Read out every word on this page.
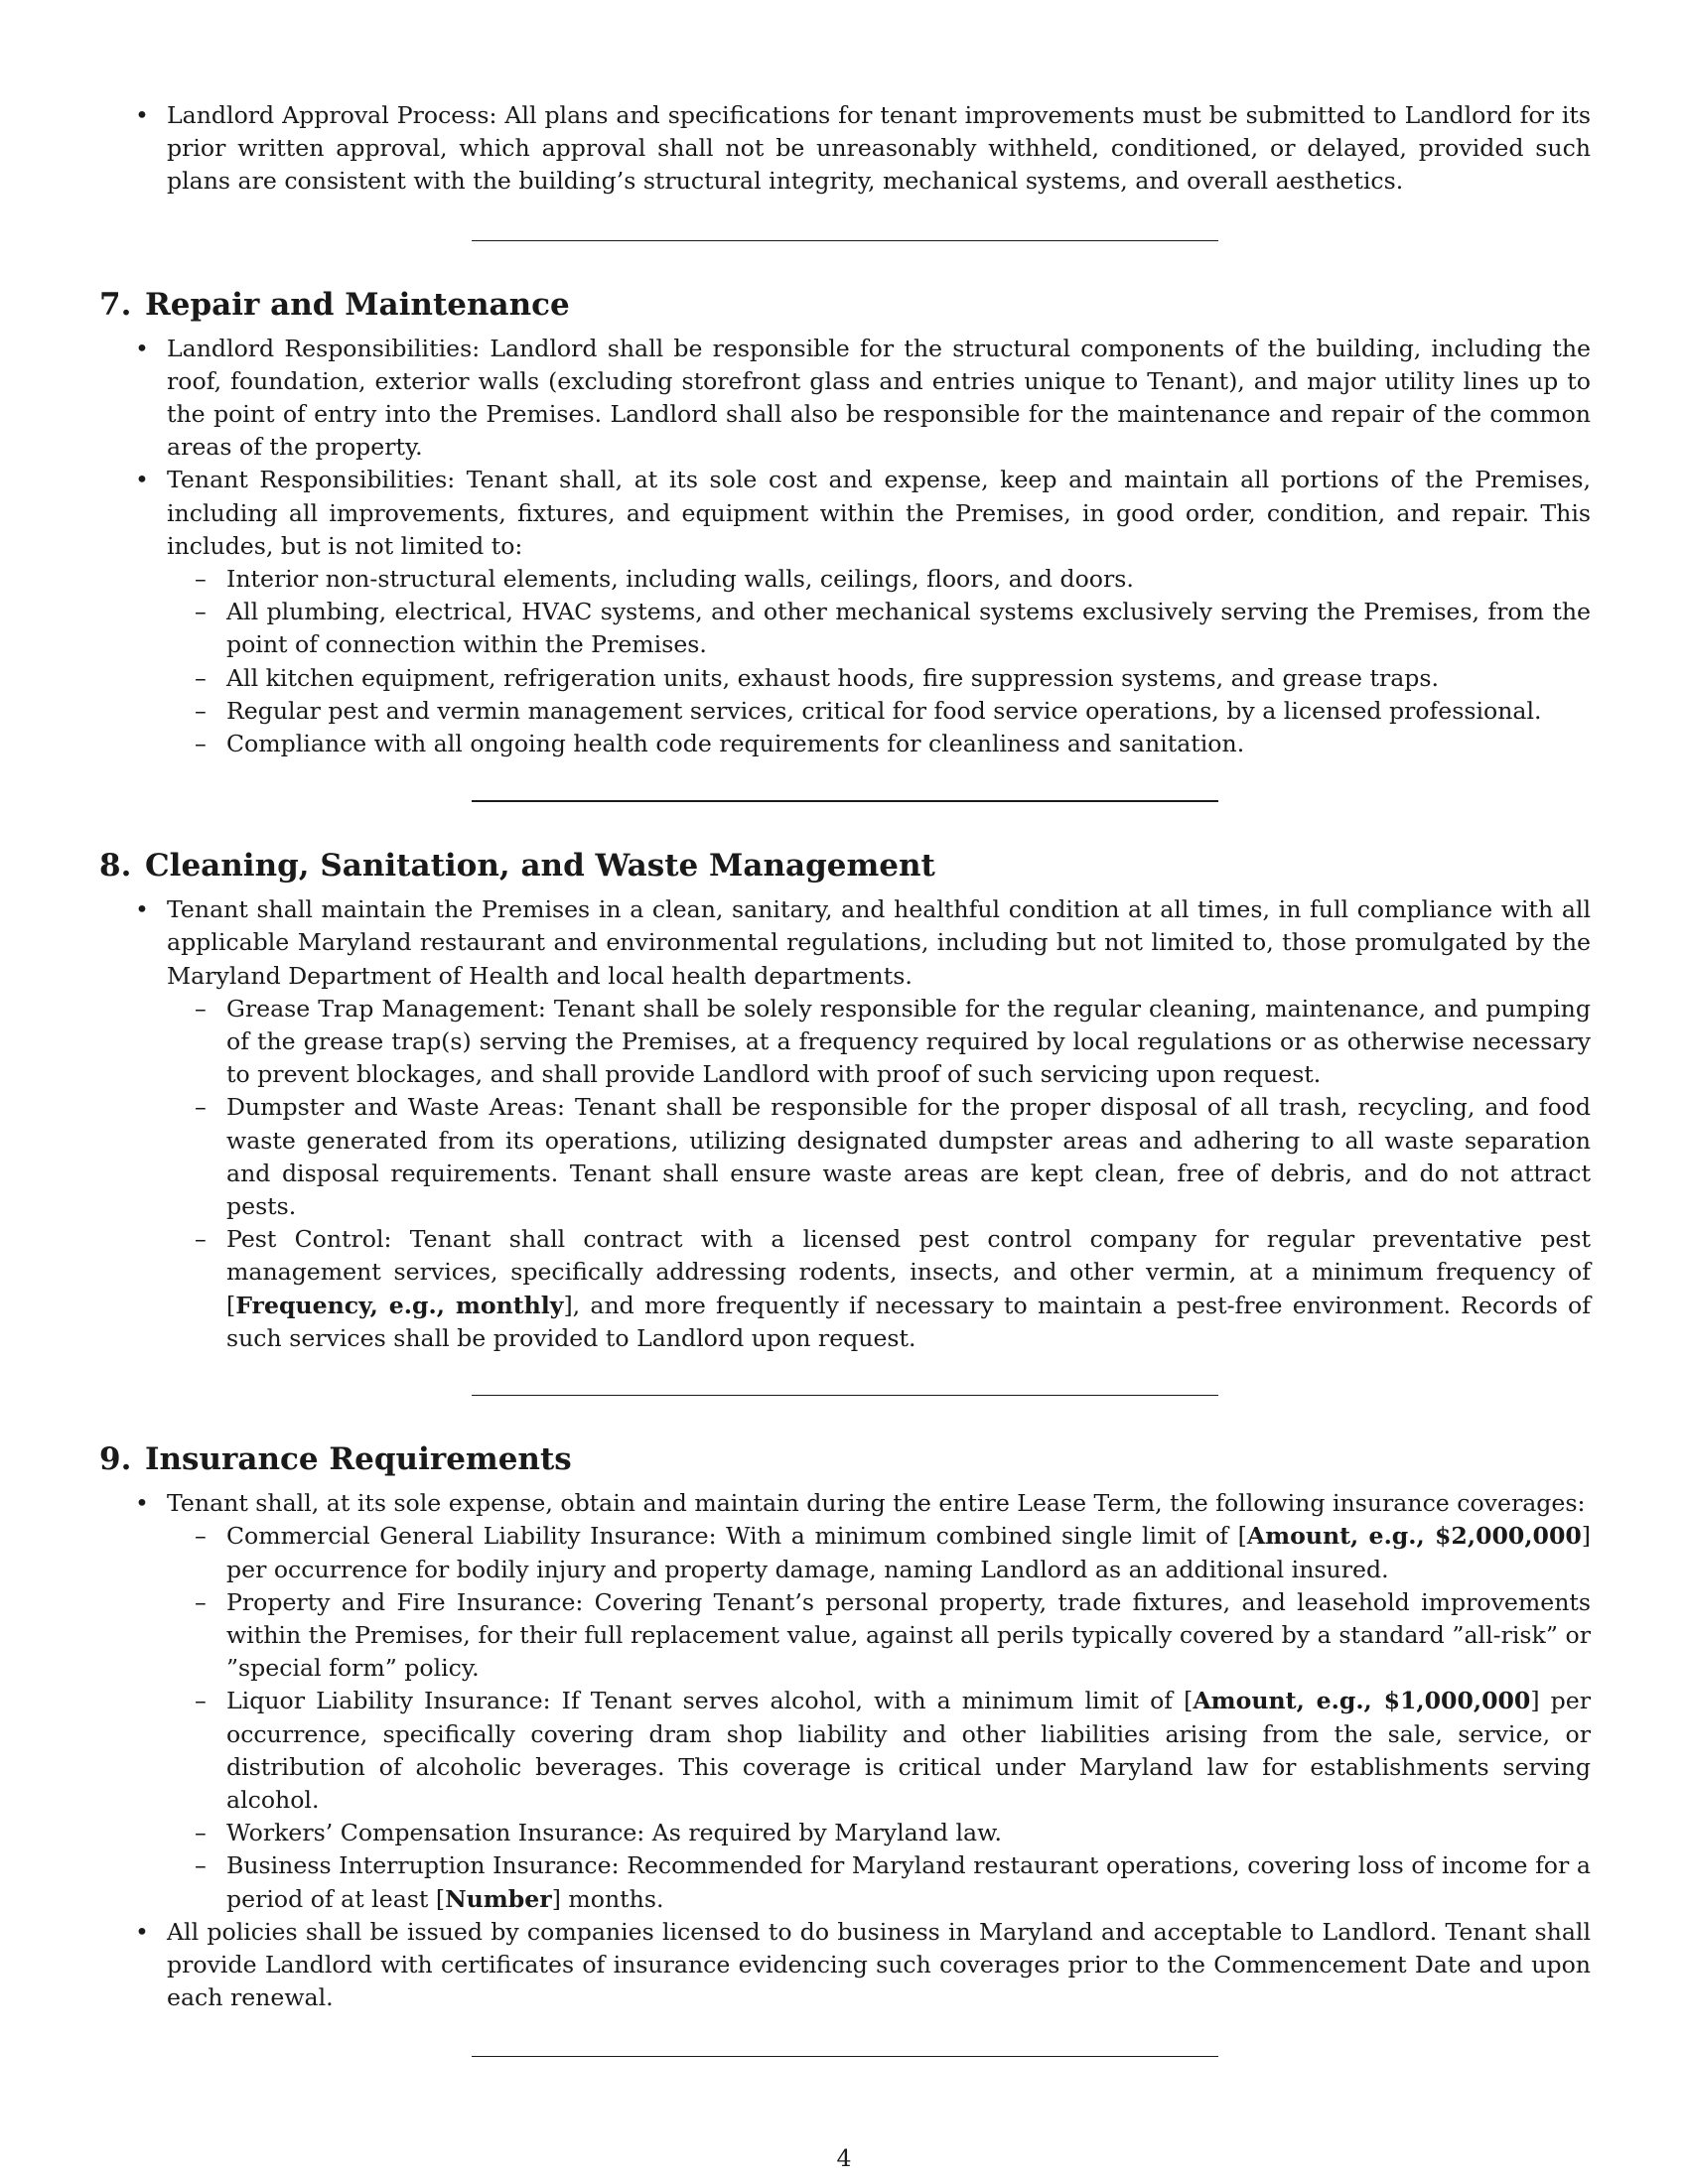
• Landlord Approval Process: All plans and specifications for tenant improvements must be submitted to Landlord for its prior written approval, which approval shall not be unreasonably withheld, conditioned, or delayed, provided such plans are consistent with the building’s structural integrity, mechanical systems, and overall aesthetics.

7. Repair and Maintenance

• Landlord Responsibilities: Landlord shall be responsible for the structural components of the building, including the roof, foundation, exterior walls (excluding storefront glass and entries unique to Tenant), and major utility lines up to the point of entry into the Premises. Landlord shall also be responsible for the maintenance and repair of the common areas of the property.

• Tenant Responsibilities: Tenant shall, at its sole cost and expense, keep and maintain all portions of the Premises, including all improvements, fixtures, and equipment within the Premises, in good order, condition, and repair. This includes, but is not limited to:

– Interior non-structural elements, including walls, ceilings, floors, and doors.

– All plumbing, electrical, HVAC systems, and other mechanical systems exclusively serving the Premises, from the point of connection within the Premises.

– All kitchen equipment, refrigeration units, exhaust hoods, fire suppression systems, and grease traps.

– Regular pest and vermin management services, critical for food service operations, by a licensed professional.

– Compliance with all ongoing health code requirements for cleanliness and sanitation.

8. Cleaning, Sanitation, and Waste Management

• Tenant shall maintain the Premises in a clean, sanitary, and healthful condition at all times, in full compliance with all applicable Maryland restaurant and environmental regulations, including but not limited to, those promulgated by the Maryland Department of Health and local health departments.

– Grease Trap Management: Tenant shall be solely responsible for the regular cleaning, maintenance, and pumping of the grease trap(s) serving the Premises, at a frequency required by local regulations or as otherwise necessary to prevent blockages, and shall provide Landlord with proof of such servicing upon request.

– Dumpster and Waste Areas: Tenant shall be responsible for the proper disposal of all trash, recycling, and food waste generated from its operations, utilizing designated dumpster areas and adhering to all waste separation and disposal requirements. Tenant shall ensure waste areas are kept clean, free of debris, and do not attract pests.

– Pest Control: Tenant shall contract with a licensed pest control company for regular preventative pest management services, specifically addressing rodents, insects, and other vermin, at a minimum frequency of [Frequency, e.g., monthly], and more frequently if necessary to maintain a pest-free environment. Records of such services shall be provided to Landlord upon request.

9. Insurance Requirements

• Tenant shall, at its sole expense, obtain and maintain during the entire Lease Term, the following insurance coverages:

– Commercial General Liability Insurance: With a minimum combined single limit of [Amount, e.g., $2,000,000] per occurrence for bodily injury and property damage, naming Landlord as an additional insured.

– Property and Fire Insurance: Covering Tenant’s personal property, trade fixtures, and leasehold improvements within the Premises, for their full replacement value, against all perils typically covered by a standard ”all-risk” or ”special form” policy.

– Liquor Liability Insurance: If Tenant serves alcohol, with a minimum limit of [Amount, e.g., $1,000,000] per occurrence, specifically covering dram shop liability and other liabilities arising from the sale, service, or distribution of alcoholic beverages. This coverage is critical under Maryland law for establishments serving alcohol.

– Workers’ Compensation Insurance: As required by Maryland law.

– Business Interruption Insurance: Recommended for Maryland restaurant operations, covering loss of income for a period of at least [Number] months.

• All policies shall be issued by companies licensed to do business in Maryland and acceptable to Landlord. Tenant shall provide Landlord with certificates of insurance evidencing such coverages prior to the Commencement Date and upon each renewal.

4
